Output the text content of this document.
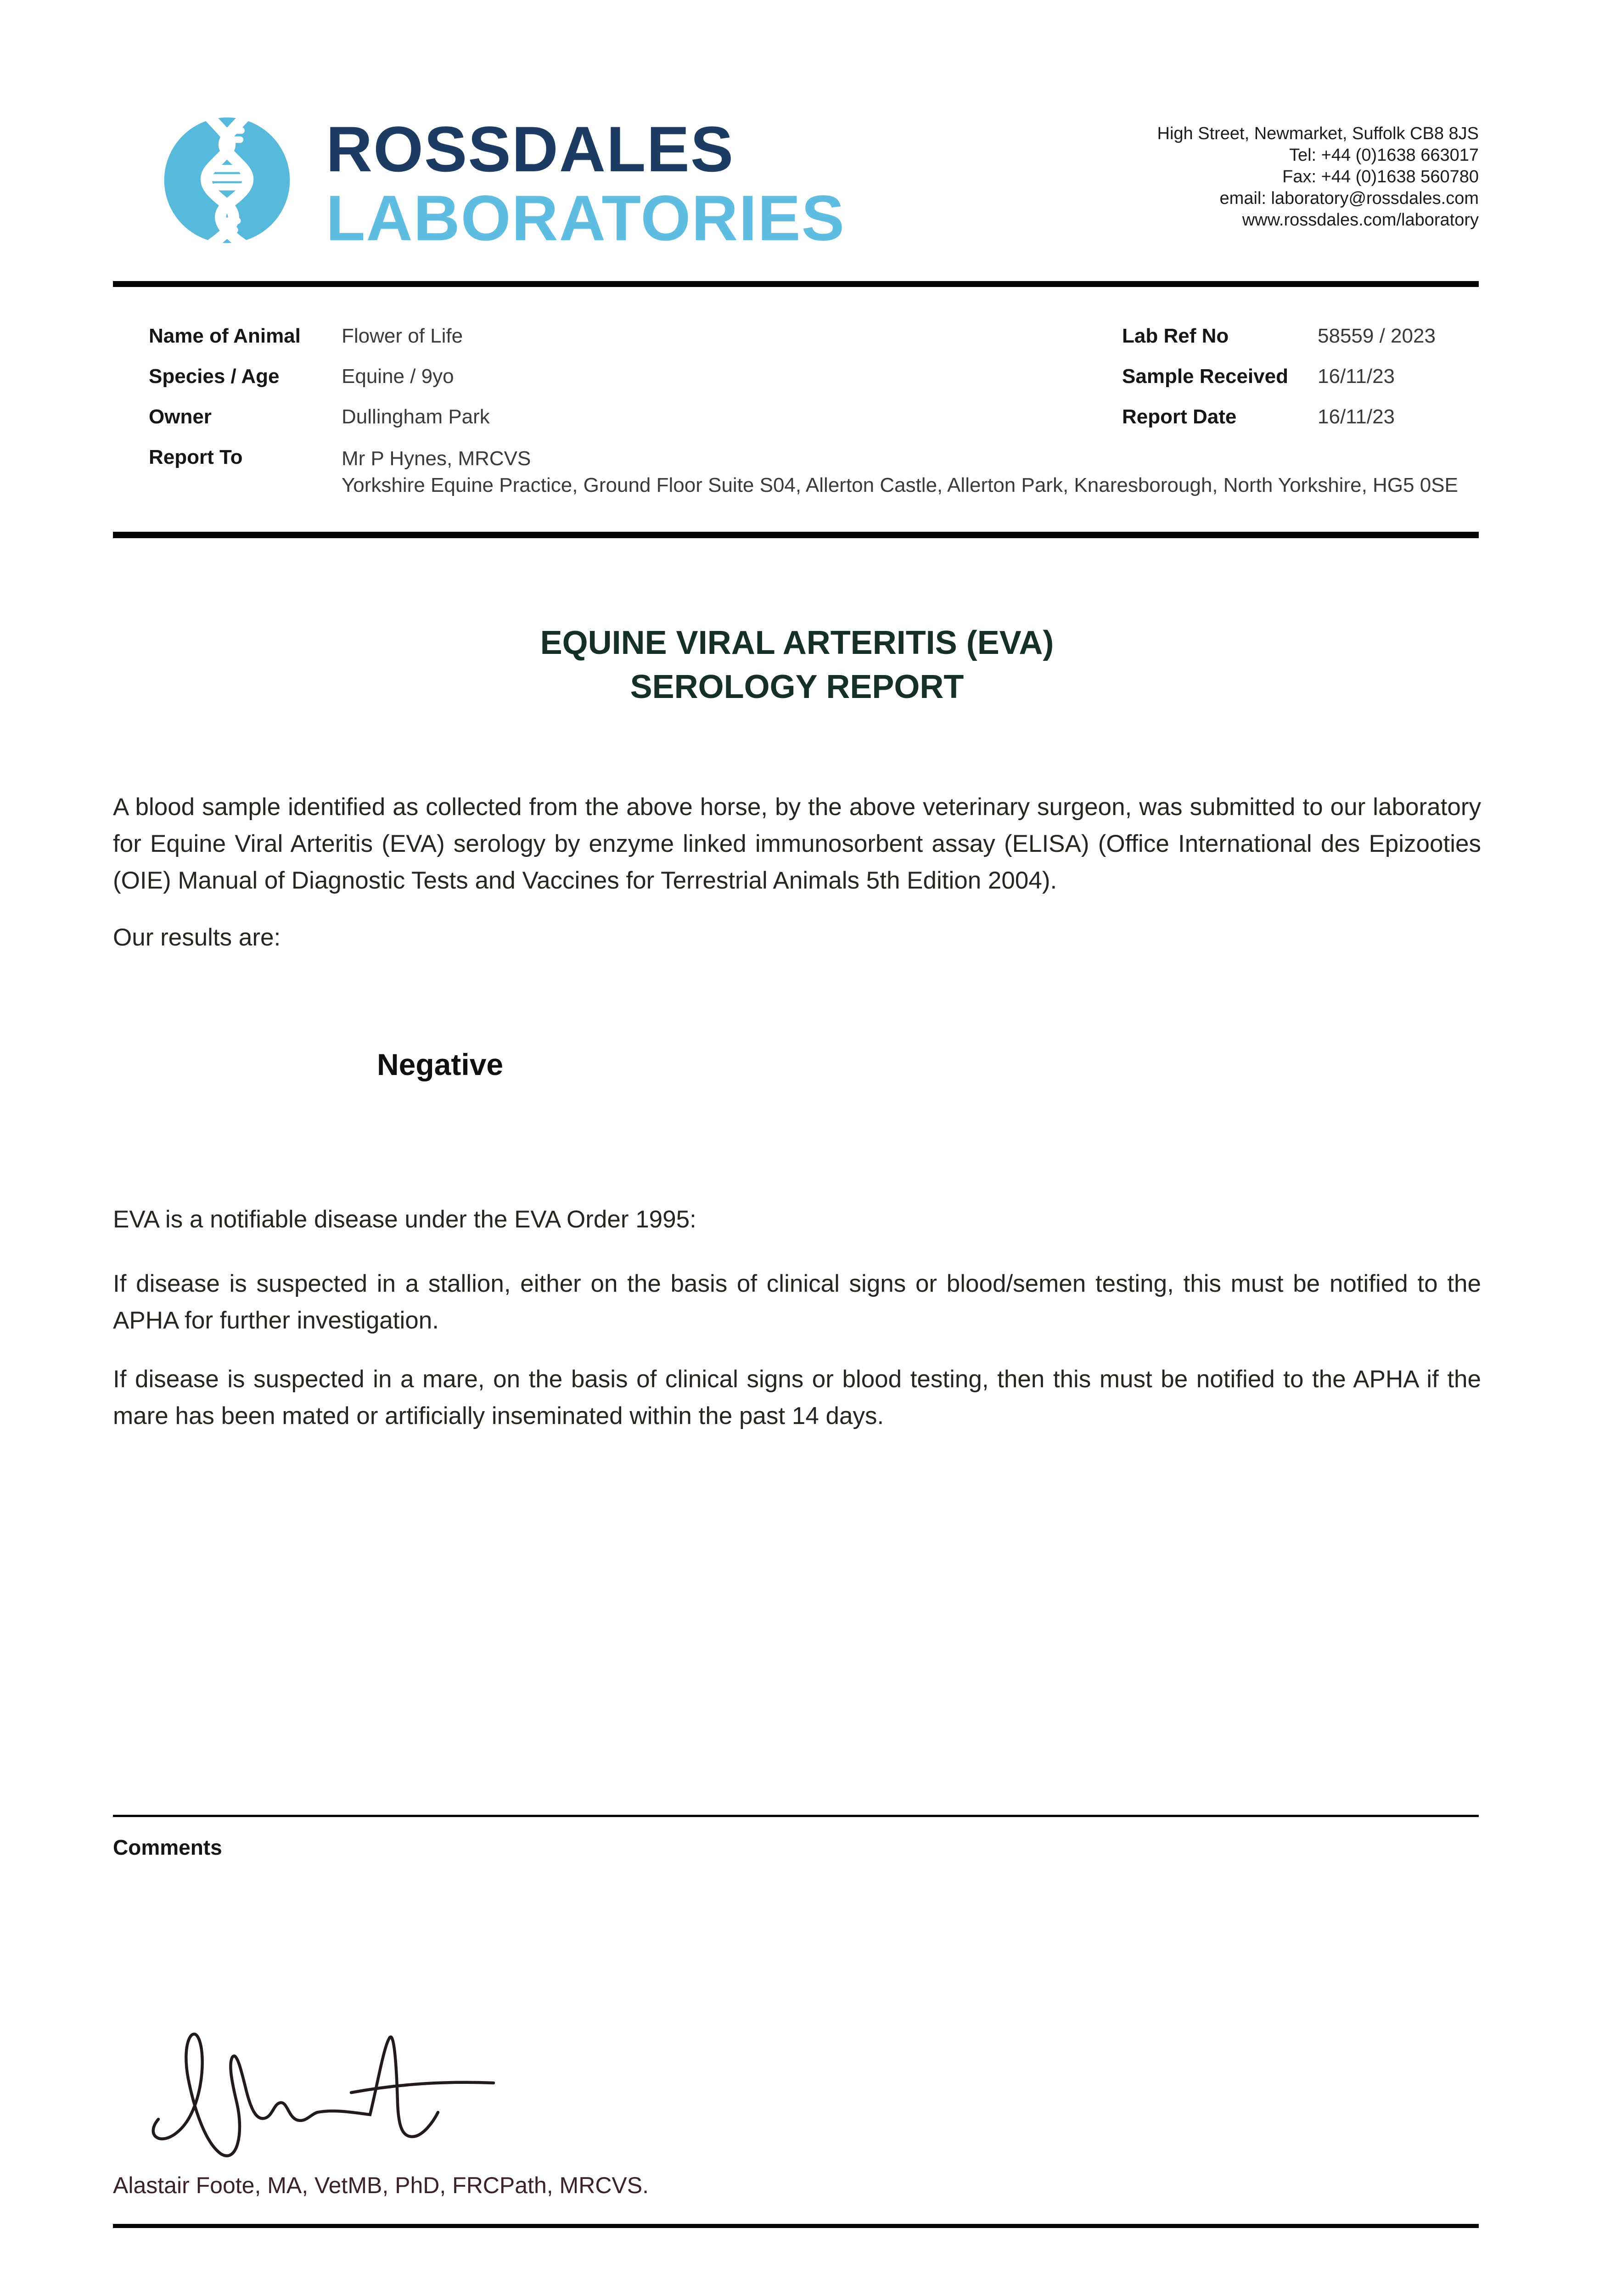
ROSSDALES
LABORATORIES
High Street, Newmarket, Suffolk CB8 8JS
Tel: +44 (0)1638 663017
Fax: +44 (0)1638 560780
email: laboratory@rossdales.com
www.rossdales.com/laboratory
Name of Animal	Flower of Life
Species / Age	Equine / 9yo
Owner	Dullingham Park
Report To	Mr P Hynes, MRCVS
Yorkshire Equine Practice, Ground Floor Suite S04, Allerton Castle, Allerton Park, Knaresborough, North Yorkshire, HG5 0SE
Lab Ref No	58559 / 2023
Sample Received	16/11/23
Report Date	16/11/23
EQUINE VIRAL ARTERITIS (EVA)
SEROLOGY REPORT

A blood sample identified as collected from the above horse, by the above veterinary surgeon, was submitted to our laboratory for Equine Viral Arteritis (EVA) serology by enzyme linked immunosorbent assay (ELISA) (Office International des Epizooties (OIE) Manual of Diagnostic Tests and Vaccines for Terrestrial Animals 5th Edition 2004).

Our results are:

Negative

EVA is a notifiable disease under the EVA Order 1995:

If disease is suspected in a stallion, either on the basis of clinical signs or blood/semen testing, this must be notified to the APHA for further investigation.

If disease is suspected in a mare, on the basis of clinical signs or blood testing, then this must be notified to the APHA if the mare has been mated or artificially inseminated within the past 14 days.

Comments
Alastair Foote, MA, VetMB, PhD, FRCPath, MRCVS.
